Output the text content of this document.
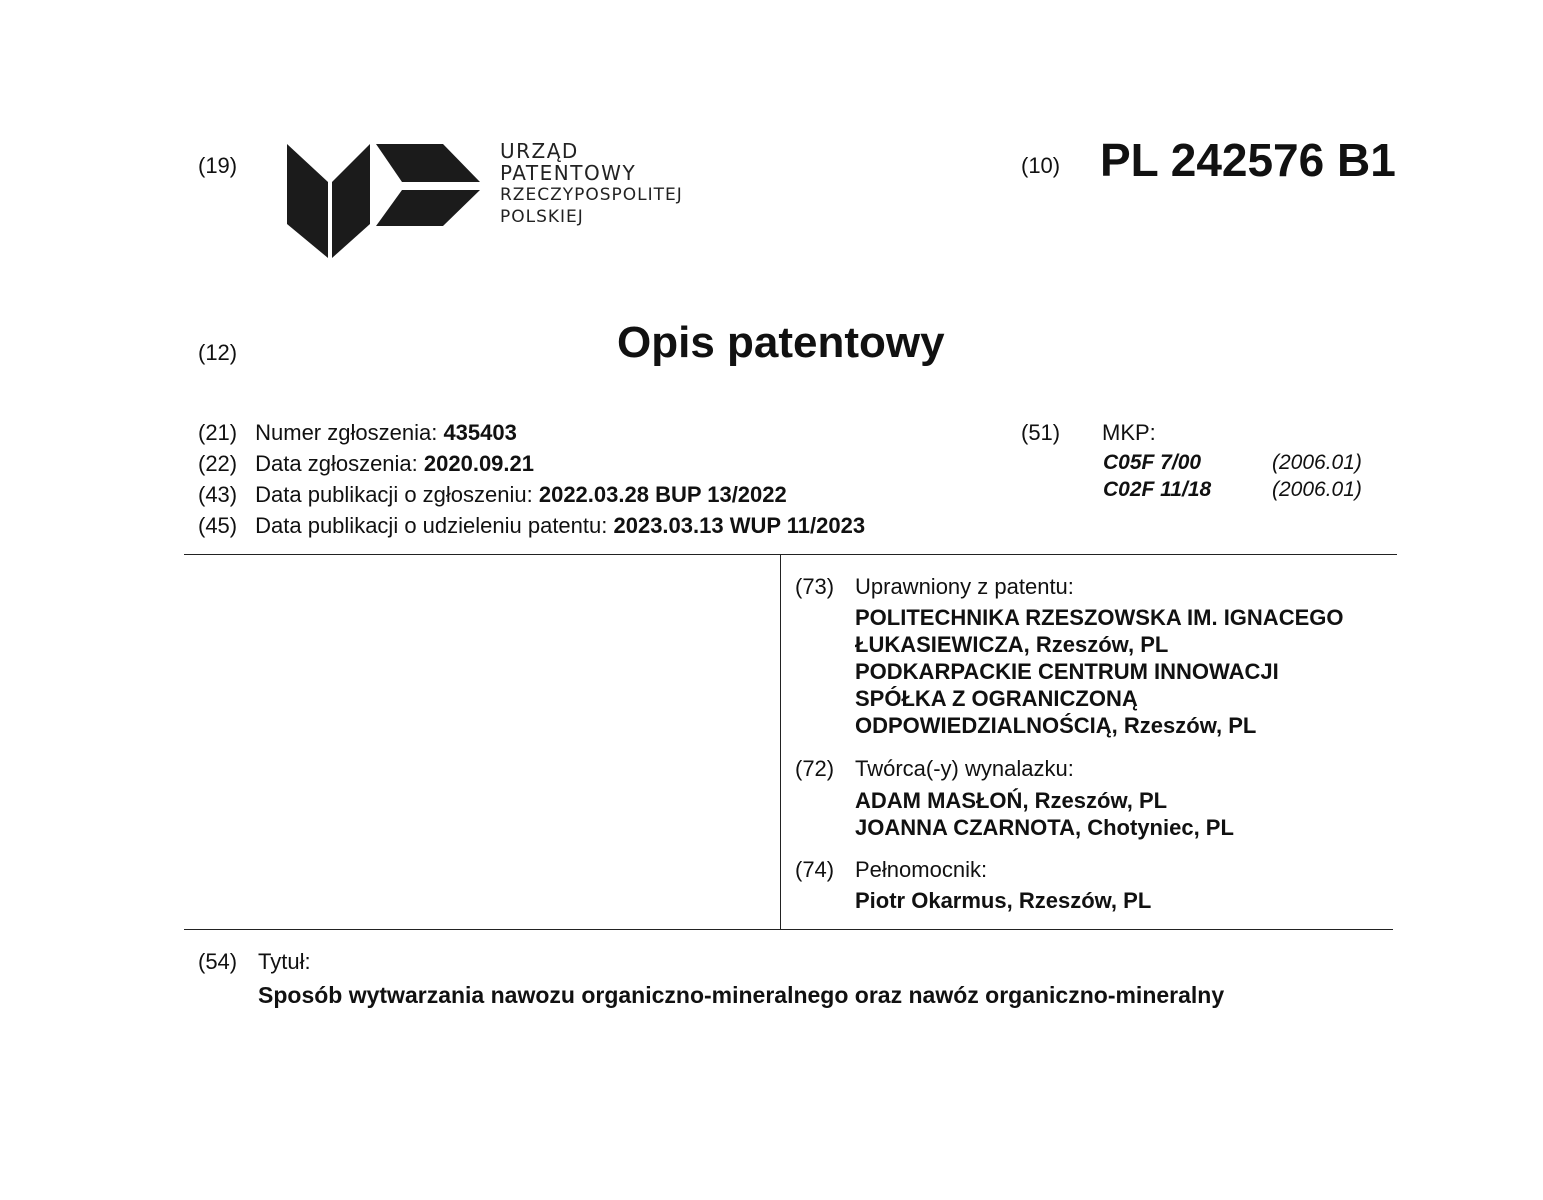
(19)
URZĄD
PATENTOWY
RZECZYPOSPOLITEJ
POLSKIEJ
(10) PL 242576 B1
(12)	Opis patentowy
(21) Numer zgłoszenia: 435403
(22) Data zgłoszenia: 2020.09.21
(43) Data publikacji o zgłoszeniu: 2022.03.28 BUP 13/2022
(45) Data publikacji o udzieleniu patentu: 2023.03.13 WUP 11/2023
(51) MKP:
C05F 7/00	(2006.01)
C02F 11/18	(2006.01)
(73) Uprawniony z patentu:
POLITECHNIKA RZESZOWSKA IM. IGNACEGO
ŁUKASIEWICZA, Rzeszów, PL
PODKARPACKIE CENTRUM INNOWACJI
SPÓŁKA Z OGRANICZONĄ
ODPOWIEDZIALNOŚCIĄ, Rzeszów, PL
(72) Twórca(-y) wynalazku:
ADAM MASŁOŃ, Rzeszów, PL
JOANNA CZARNOTA, Chotyniec, PL
(74) Pełnomocnik:
Piotr Okarmus, Rzeszów, PL
(54) Tytuł:
Sposób wytwarzania nawozu organiczno-mineralnego oraz nawóz organiczno-mineralny
